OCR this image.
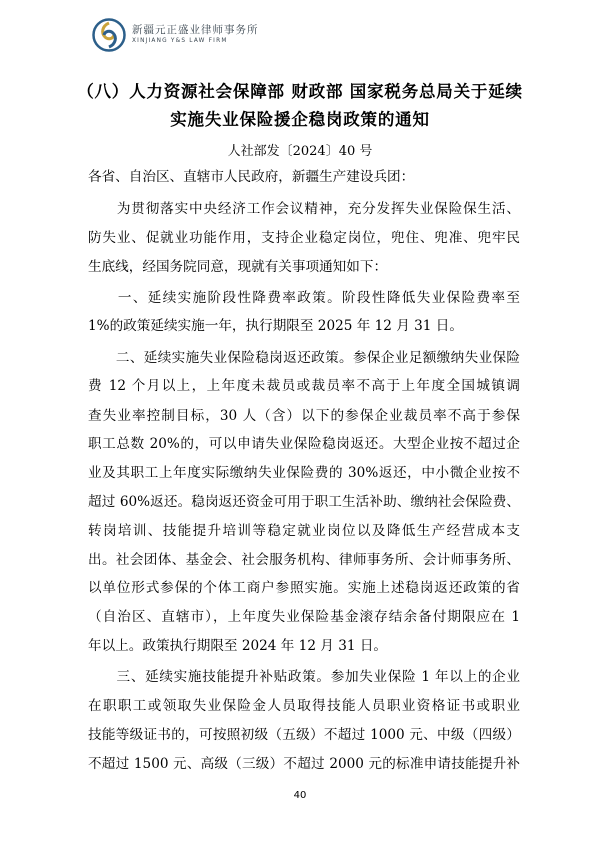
新疆元正盛业律师事务所
XINJIANG Y&S LAW FIRM
（八）人力资源社会保障部 财政部 国家税务总局关于延续
实施失业保险援企稳岗政策的通知
人社部发〔2024〕40 号
各省、自治区、直辖市人民政府，新疆生产建设兵团：
　　为贯彻落实中央经济工作会议精神，充分发挥失业保险保生活、
防失业、促就业功能作用，支持企业稳定岗位，兜住、兜准、兜牢民
生底线，经国务院同意，现就有关事项通知如下：
　　一、延续实施阶段性降费率政策。阶段性降低失业保险费率至
1%的政策延续实施一年，执行期限至 2025 年 12 月 31 日。
　　二、延续实施失业保险稳岗返还政策。参保企业足额缴纳失业保险
费 12 个月以上，上年度未裁员或裁员率不高于上年度全国城镇调
查失业率控制目标，30 人（含）以下的参保企业裁员率不高于参保
职工总数 20%的，可以申请失业保险稳岗返还。大型企业按不超过企
业及其职工上年度实际缴纳失业保险费的 30%返还，中小微企业按不
超过 60%返还。稳岗返还资金可用于职工生活补助、缴纳社会保险费、
转岗培训、技能提升培训等稳定就业岗位以及降低生产经营成本支
出。社会团体、基金会、社会服务机构、律师事务所、会计师事务所、
以单位形式参保的个体工商户参照实施。实施上述稳岗返还政策的省
（自治区、直辖市），上年度失业保险基金滚存结余备付期限应在 1
年以上。政策执行期限至 2024 年 12 月 31 日。
　　三、延续实施技能提升补贴政策。参加失业保险 1 年以上的企业
在职职工或领取失业保险金人员取得技能人员职业资格证书或职业
技能等级证书的，可按照初级（五级）不超过 1000 元、中级（四级）
不超过 1500 元、高级（三级）不超过 2000 元的标准申请技能提升补
40
